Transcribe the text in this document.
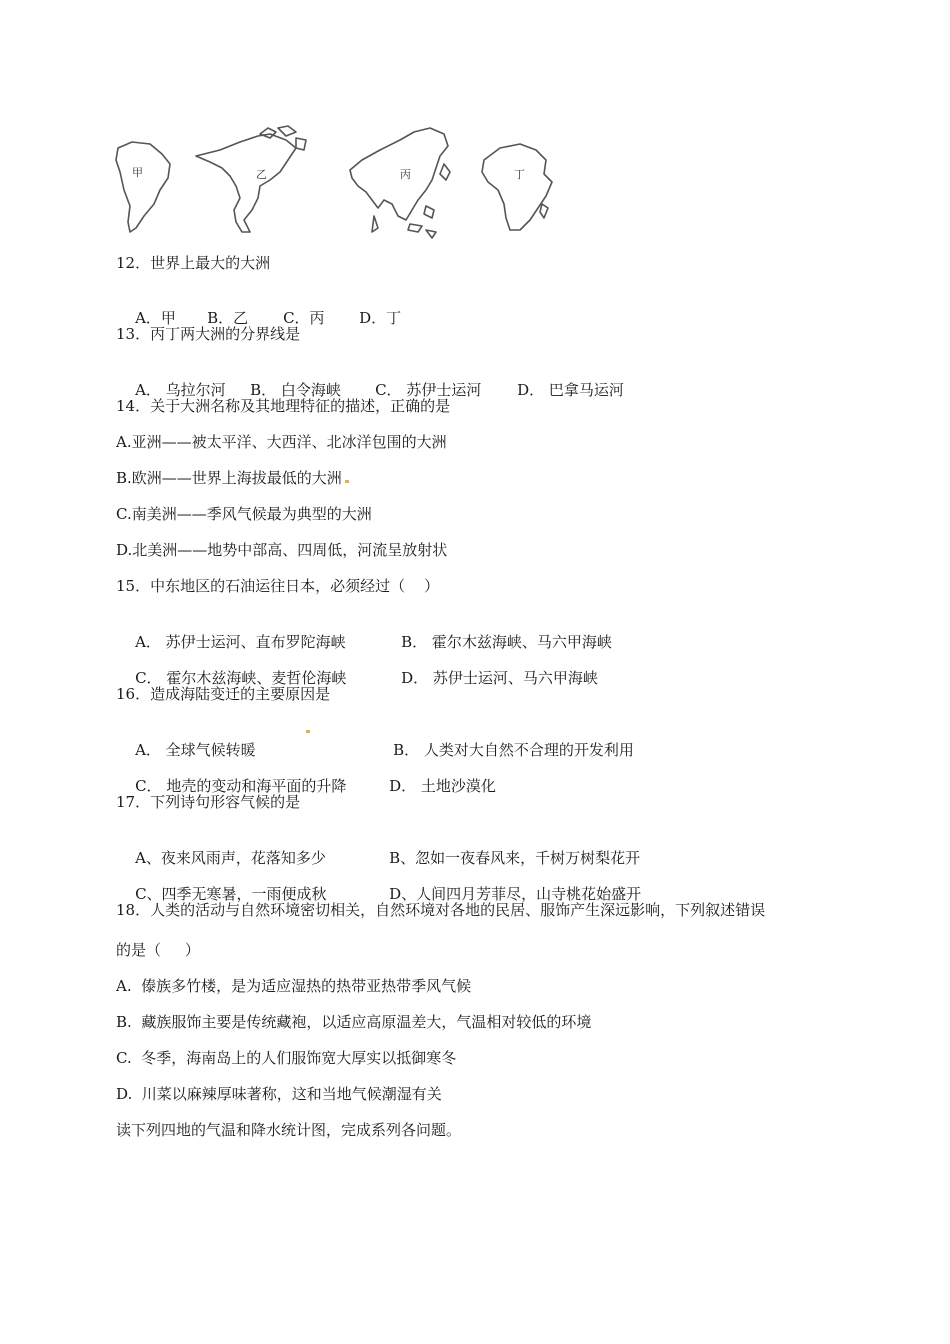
甲	乙	丙	丁
12．世界上最大的大洲

A．甲 B．乙 C．丙 D．丁

13．丙丁两大洲的分界线是

A． 乌拉尔河 B． 白令海峡 C． 苏伊士运河 D． 巴拿马运河

14．关于大洲名称及其地理特征的描述，正确的是
A.亚洲——被太平洋、大西洋、北冰洋包围的大洲
B.欧洲——世界上海拔最低的大洲
C.南美洲——季风气候最为典型的大洲
D.北美洲——地势中部高、四周低，河流呈放射状
15．中东地区的石油运往日本，必须经过（    ）

A． 苏伊士运河、直布罗陀海峡	B． 霍尔木兹海峡、马六甲海峡

C． 霍尔木兹海峡、麦哲伦海峡	D． 苏伊士运河、马六甲海峡

16．造成海陆变迁的主要原因是

A． 全球气候转暖	B． 人类对大自然不合理的开发利用

C． 地壳的变动和海平面的升降	D． 土地沙漠化

17．下列诗句形容气候的是

A、夜来风雨声，花落知多少	B、忽如一夜春风来，千树万树梨花开

C、四季无寒暑，一雨便成秋	D、人间四月芳菲尽，山寺桃花始盛开

18．人类的活动与自然环境密切相关，自然环境对各地的民居、服饰产生深远影响，下列叙述错误
的是（     ）
A.  傣族多竹楼，是为适应湿热的热带亚热带季风气候
B.  藏族服饰主要是传统藏袍，以适应高原温差大，气温相对较低的环境
C.  冬季，海南岛上的人们服饰宽大厚实以抵御寒冬
D.  川菜以麻辣厚味著称，这和当地气候潮湿有关
读下列四地的气温和降水统计图，完成系列各问题。
